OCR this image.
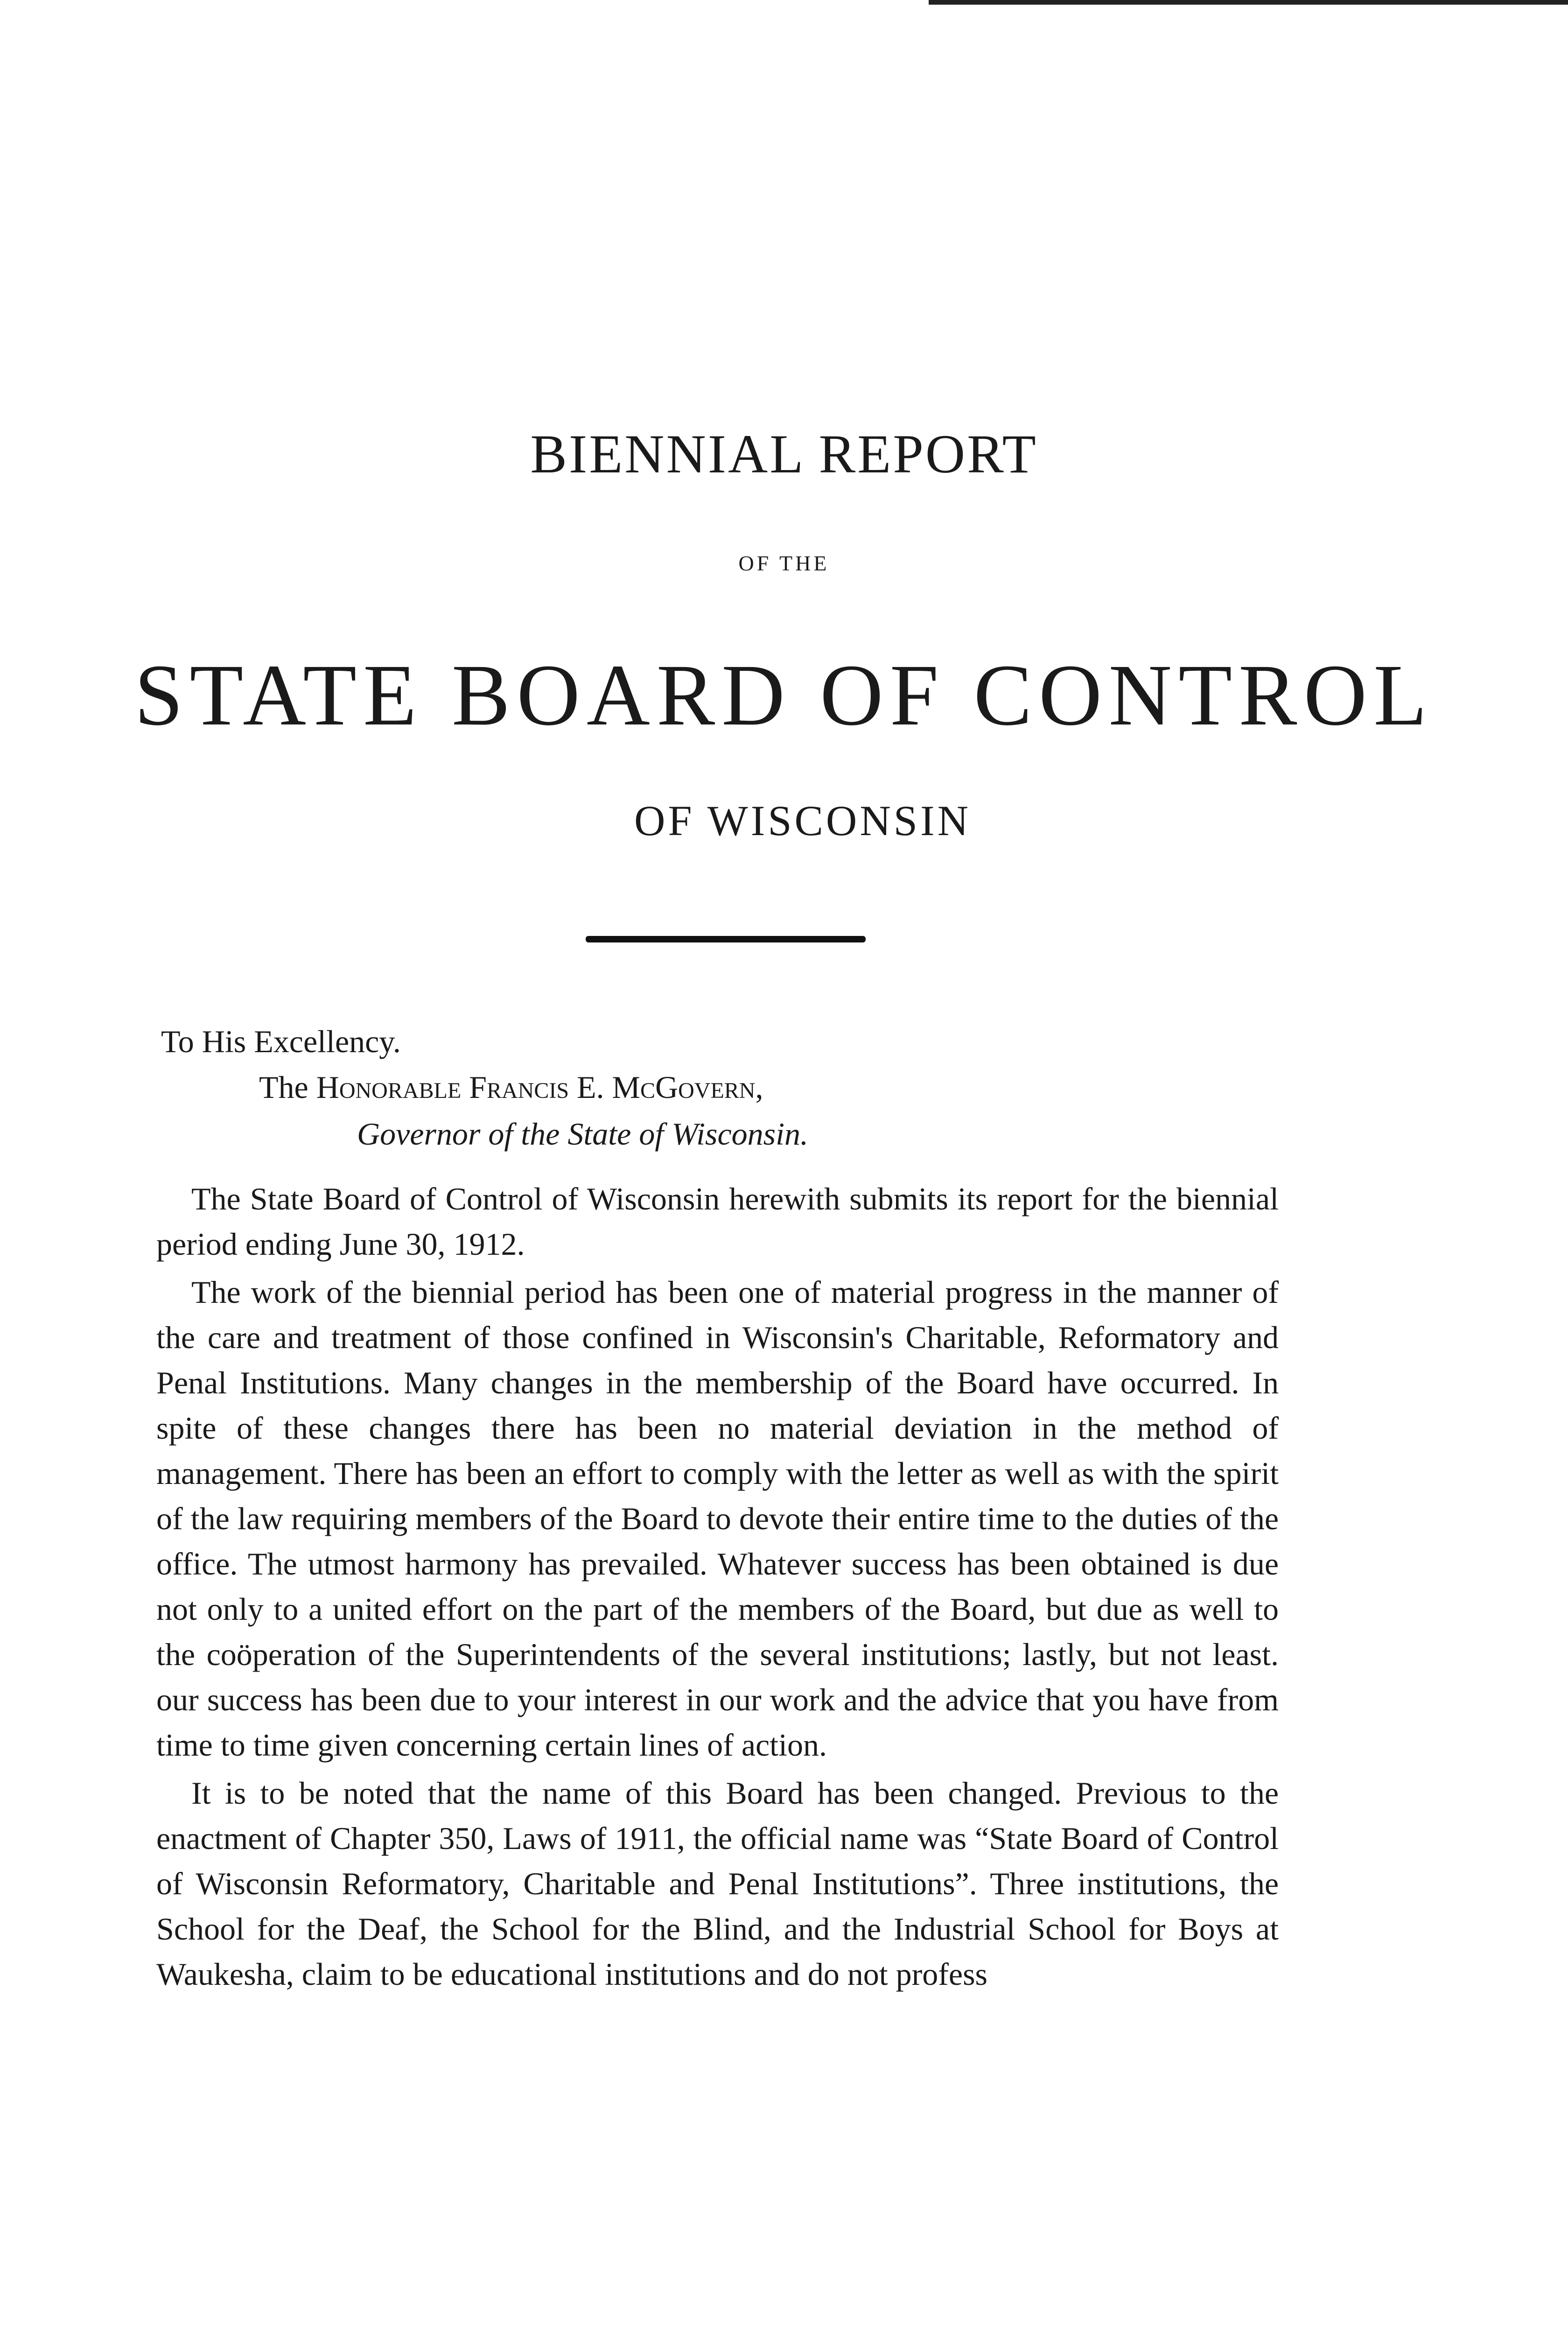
BIENNIAL REPORT
OF THE
STATE BOARD OF CONTROL
OF WISCONSIN
To His Excellency.
The Honorable Francis E. McGovern,
Governor of the State of Wisconsin.

The State Board of Control of Wisconsin herewith submits its report for the biennial period ending June 30, 1912.

The work of the biennial period has been one of material progress in the manner of the care and treatment of those confined in Wisconsin's Charitable, Reformatory and Penal Institutions. Many changes in the membership of the Board have occurred. In spite of these changes there has been no material deviation in the method of management. There has been an effort to comply with the letter as well as with the spirit of the law requiring members of the Board to devote their entire time to the duties of the office. The utmost harmony has prevailed. Whatever success has been obtained is due not only to a united effort on the part of the members of the Board, but due as well to the coöperation of the Superintendents of the several institutions; lastly, but not least. our success has been due to your interest in our work and the advice that you have from time to time given concerning certain lines of action.

It is to be noted that the name of this Board has been changed. Previous to the enactment of Chapter 350, Laws of 1911, the official name was “State Board of Control of Wisconsin Reformatory, Charitable and Penal Institutions”. Three institutions, the School for the Deaf, the School for the Blind, and the Industrial School for Boys at Waukesha, claim to be educational institutions and do not profess
